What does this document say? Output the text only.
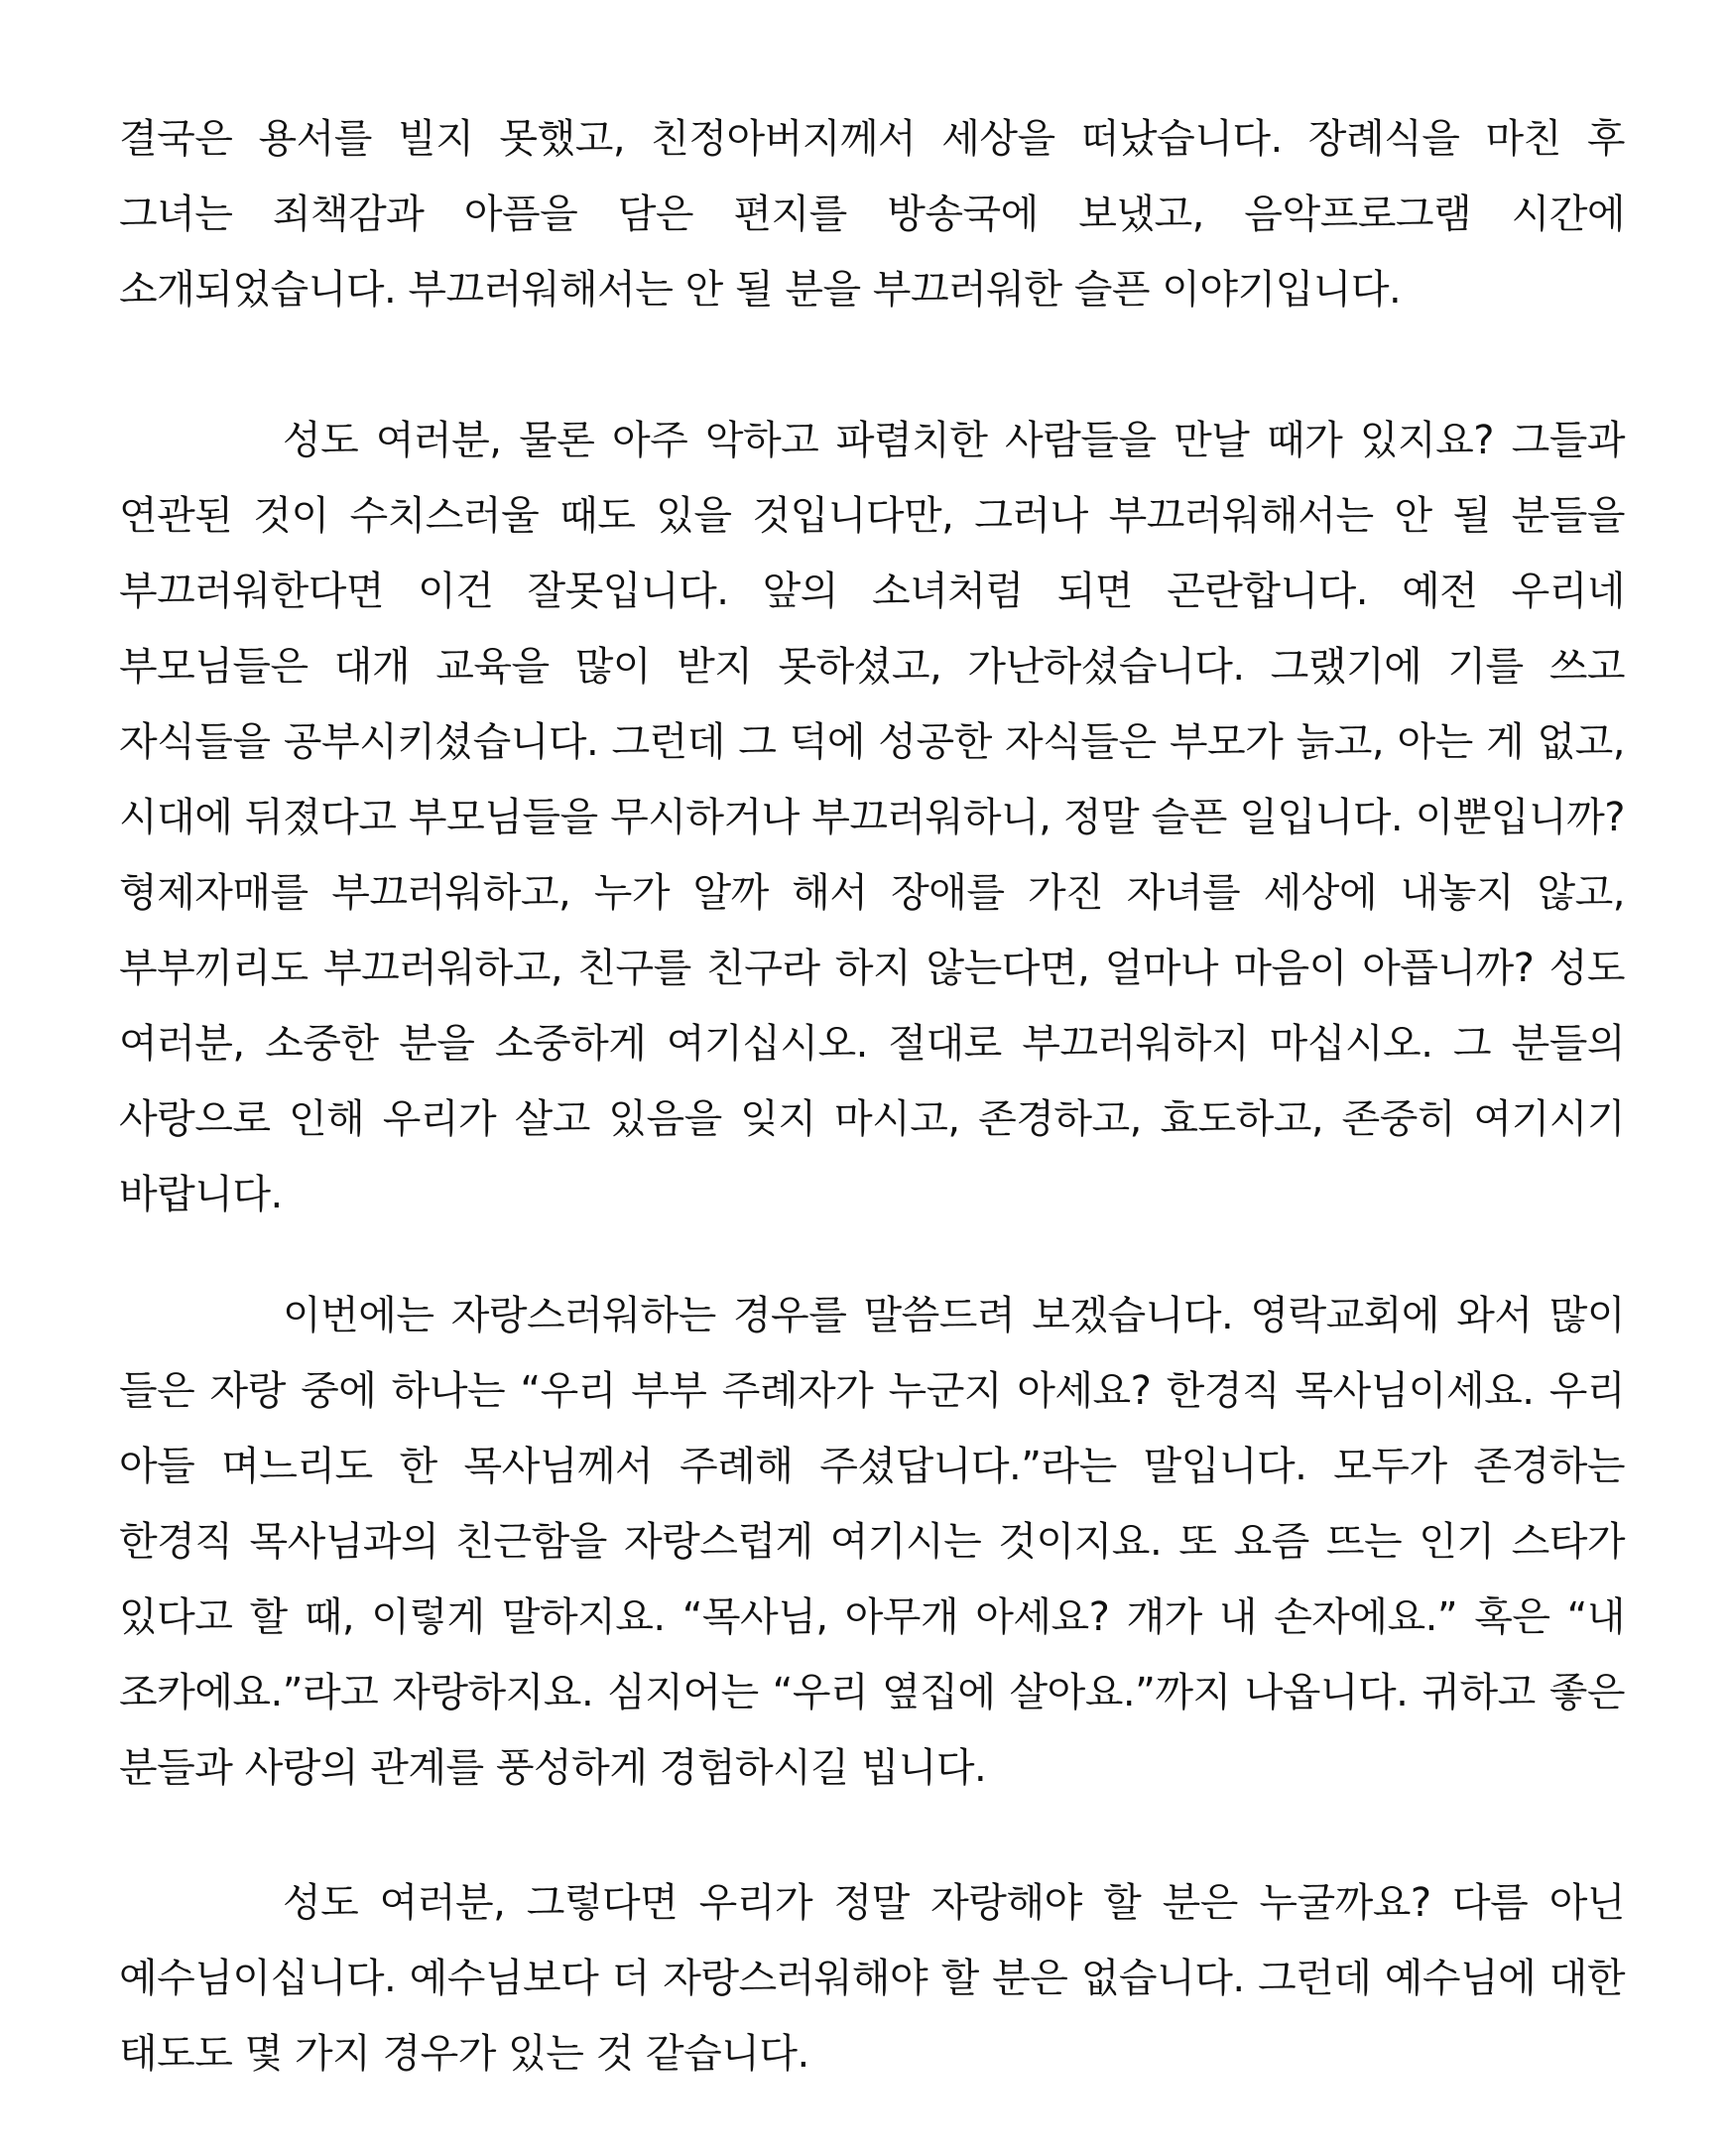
결국은 용서를 빌지 못했고, 친정아버지께서 세상을 떠났습니다. 장례식을 마친 후 그녀는 죄책감과 아픔을 담은 편지를 방송국에 보냈고, 음악프로그램 시간에 소개되었습니다. 부끄러워해서는 안 될 분을 부끄러워한 슬픈 이야기입니다.

성도 여러분, 물론 아주 악하고 파렴치한 사람들을 만날 때가 있지요? 그들과 연관된 것이 수치스러울 때도 있을 것입니다만, 그러나 부끄러워해서는 안 될 분들을 부끄러워한다면 이건 잘못입니다. 앞의 소녀처럼 되면 곤란합니다. 예전 우리네 부모님들은 대개 교육을 많이 받지 못하셨고, 가난하셨습니다. 그랬기에 기를 쓰고 자식들을 공부시키셨습니다. 그런데 그 덕에 성공한 자식들은 부모가 늙고, 아는 게 없고, 시대에 뒤졌다고 부모님들을 무시하거나 부끄러워하니, 정말 슬픈 일입니다. 이뿐입니까? 형제자매를 부끄러워하고, 누가 알까 해서 장애를 가진 자녀를 세상에 내놓지 않고, 부부끼리도 부끄러워하고, 친구를 친구라 하지 않는다면, 얼마나 마음이 아픕니까? 성도 여러분, 소중한 분을 소중하게 여기십시오. 절대로 부끄러워하지 마십시오. 그 분들의 사랑으로 인해 우리가 살고 있음을 잊지 마시고, 존경하고, 효도하고, 존중히 여기시기 바랍니다.

이번에는 자랑스러워하는 경우를 말씀드려 보겠습니다. 영락교회에 와서 많이 들은 자랑 중에 하나는 “우리 부부 주례자가 누군지 아세요? 한경직 목사님이세요. 우리 아들 며느리도 한 목사님께서 주례해 주셨답니다.”라는 말입니다. 모두가 존경하는 한경직 목사님과의 친근함을 자랑스럽게 여기시는 것이지요. 또 요즘 뜨는 인기 스타가 있다고 할 때, 이렇게 말하지요. “목사님, 아무개 아세요? 걔가 내 손자에요.” 혹은 “내 조카에요.”라고 자랑하지요. 심지어는 “우리 옆집에 살아요.”까지 나옵니다. 귀하고 좋은 분들과 사랑의 관계를 풍성하게 경험하시길 빕니다.

성도 여러분, 그렇다면 우리가 정말 자랑해야 할 분은 누굴까요? 다름 아닌 예수님이십니다. 예수님보다 더 자랑스러워해야 할 분은 없습니다. 그런데 예수님에 대한 태도도 몇 가지 경우가 있는 것 같습니다.
